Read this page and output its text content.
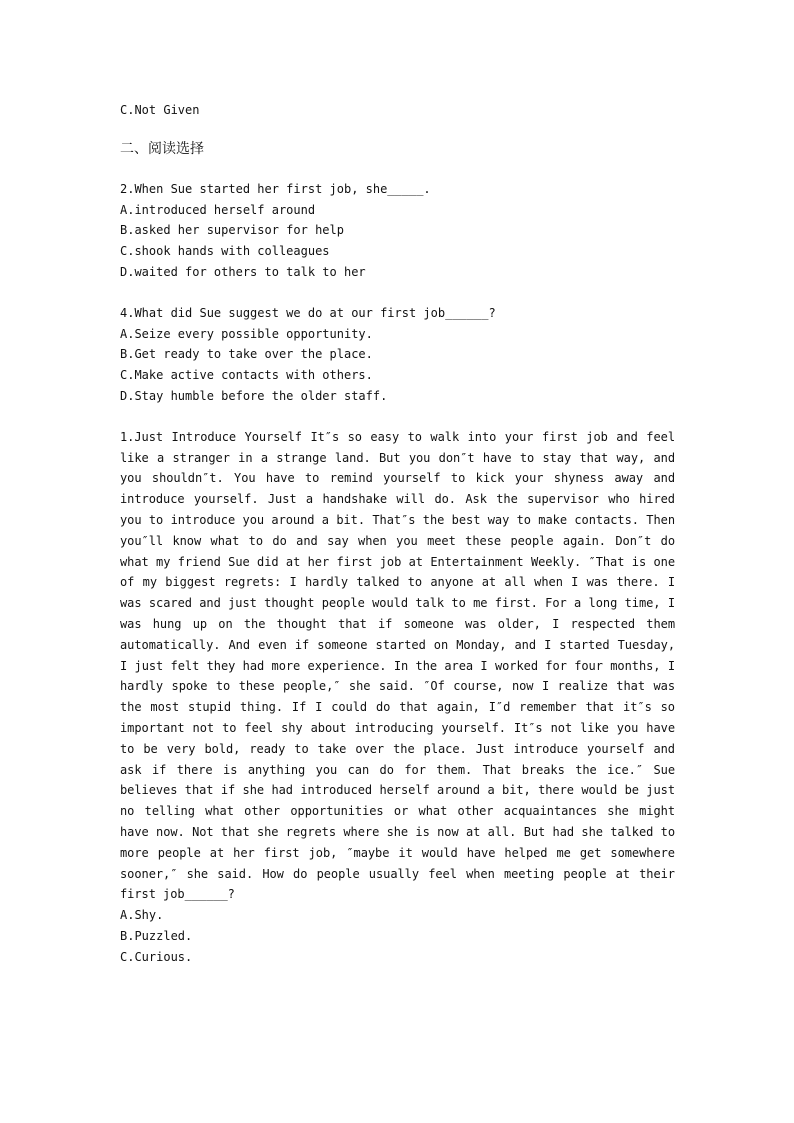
C.Not Given
二、阅读选择
2.When Sue started her first job, she_____.
A.introduced herself around
B.asked her supervisor for help
C.shook hands with colleagues
D.waited for others to talk to her
4.What did Sue suggest we do at our first job______?
A.Seize every possible opportunity.
B.Get ready to take over the place.
C.Make active contacts with others.
D.Stay humble before the older staff.

1.Just Introduce Yourself It″s so easy to walk into your first job and feel like a stranger in a strange land. But you don″t have to stay that way, and you shouldn″t. You have to remind yourself to kick your shyness away and introduce yourself. Just a handshake will do. Ask the supervisor who hired you to introduce you around a bit. That″s the best way to make contacts. Then you″ll know what to do and say when you meet these people again. Don″t do what my friend Sue did at her first job at Entertainment Weekly. ″That is one of my biggest regrets: I hardly talked to anyone at all when I was there. I was scared and just thought people would talk to me first. For a long time, I was hung up on the thought that if someone was older, I respected them automatically. And even if someone started on Monday, and I started Tuesday, I just felt they had more experience. In the area I worked for four months, I hardly spoke to these people,″ she said. ″Of course, now I realize that was the most stupid thing. If I could do that again, I″d remember that it″s so important not to feel shy about introducing yourself. It″s not like you have to be very bold, ready to take over the place. Just introduce yourself and ask if there is anything you can do for them. That breaks the ice.″ Sue believes that if she had introduced herself around a bit, there would be just no telling what other opportunities or what other acquaintances she might have now. Not that she regrets where she is now at all. But had she talked to more people at her first job, ″maybe it would have helped me get somewhere sooner,″ she said. How do people usually feel when meeting people at their first job______?

A.Shy.
B.Puzzled.
C.Curious.
